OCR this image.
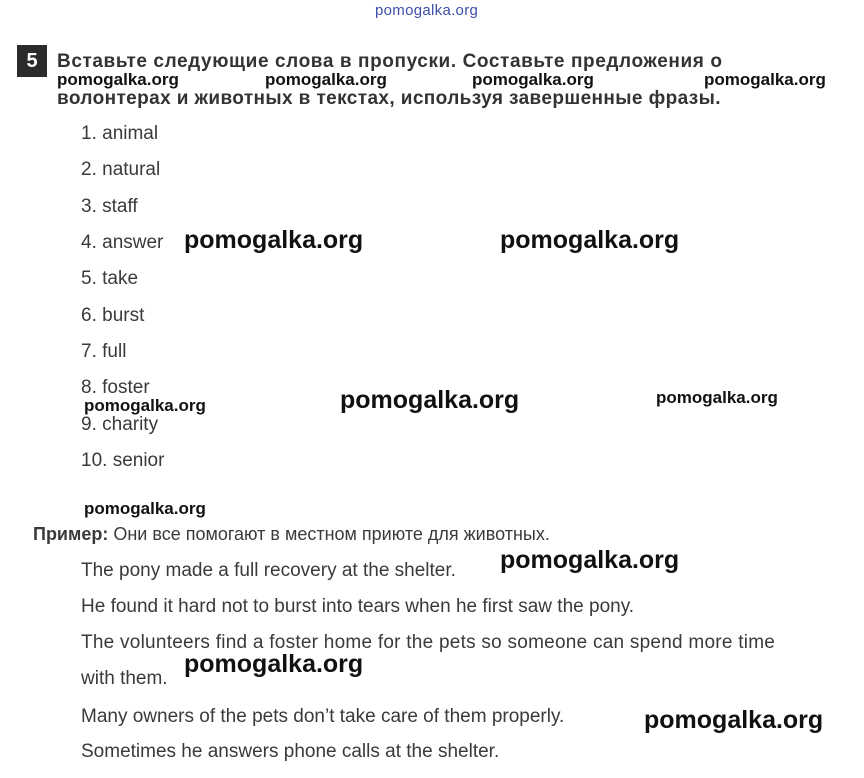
pomogalka.org
5	Вставьте следующие слова в пропуски. Составьте предложения о
волонтерах и животных в текстах, используя завершенные фразы.
pomogalka.org	pomogalka.org	pomogalka.org	pomogalka.org
1. animal
2. natural
3. staff
4. answer
5. take
6. burst
7. full
8. foster
9. charity
10. senior
pomogalka.org	pomogalka.org
pomogalka.org	pomogalka.org	pomogalka.org
pomogalka.org
Пример: Они все помогают в местном приюте для животных.
The pony made a full recovery at the shelter.
He found it hard not to burst into tears when he first saw the pony.
The volunteers find a foster home for the pets so someone can spend more time
with them.
Many owners of the pets don’t take care of them properly.
Sometimes he answers phone calls at the shelter.
pomogalka.org
pomogalka.org
pomogalka.org
